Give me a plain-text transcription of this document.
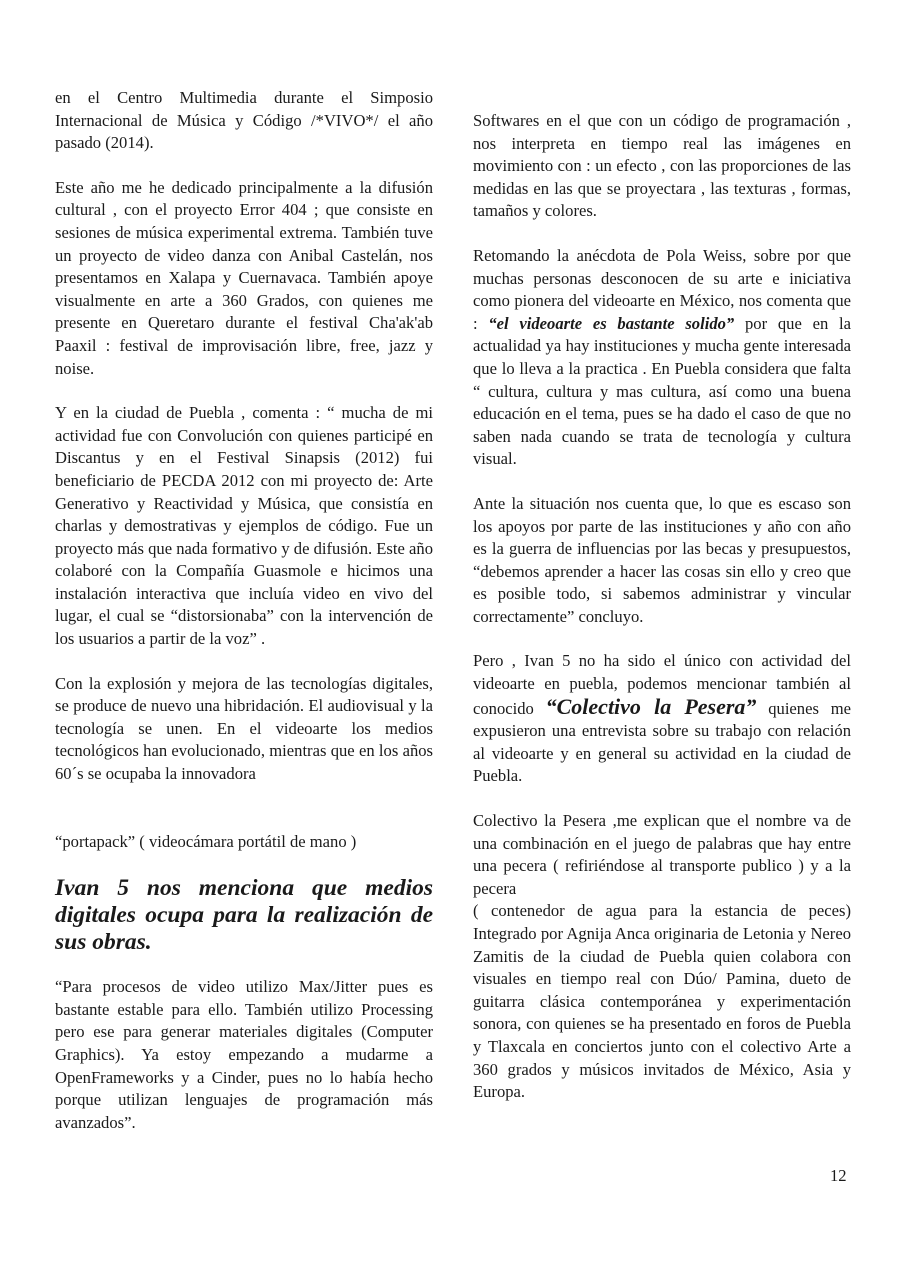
en el Centro Multimedia durante el Simposio Internacional de Música y Código /*VIVO*/ el año pasado (2014).

Este año me he dedicado principalmente a la difusión cultural , con el proyecto Error 404 ; que consiste en sesiones de música experimental extrema. También tuve un proyecto de video danza con Anibal Castelán, nos presentamos en Xalapa y Cuernavaca. También apoye visualmente en arte a 360 Grados, con quienes me presente en Queretaro durante el festival Cha'ak'ab Paaxil : festival de improvisación libre, free, jazz y noise.

Y en la ciudad de Puebla , comenta : “ mucha de mi actividad fue con Convolución con quienes participé en Discantus y en el Festival Sinapsis (2012) fui beneficiario de PECDA 2012 con mi proyecto de: Arte Generativo y Reactividad y Música, que consistía en charlas y demostrativas y ejemplos de código. Fue un proyecto más que nada formativo y de difusión. Este año colaboré con la Compañía Guasmole e hicimos una instalación interactiva que incluía video en vivo del lugar, el cual se “distorsionaba” con la intervención de los usuarios a partir de la voz” .

Con la explosión y mejora de las tecnologías digitales, se produce de nuevo una hibridación. El audiovisual y la tecnología se unen. En el videoarte los medios tecnológicos han evolucionado, mientras que en los años 60´s se ocupaba la innovadora

“portapack” ( videocámara portátil de mano )

Ivan 5 nos menciona que medios digitales ocupa para la realización de sus obras.

“Para procesos de video utilizo Max/Jitter pues es bastante estable para ello. También utilizo Processing pero ese para generar materiales digitales (Computer Graphics). Ya estoy empezando a mudarme a OpenFrameworks y a Cinder, pues no lo había hecho porque utilizan lenguajes de programación más avanzados”.

Softwares en el que con un código de programación , nos interpreta en tiempo real las imágenes en movimiento con : un efecto , con las proporciones de las medidas en las que se proyectara , las texturas , formas, tamaños y colores.

Retomando la anécdota de Pola Weiss, sobre por que muchas personas desconocen de su arte e iniciativa como pionera del videoarte en México, nos comenta que : “el videoarte es bastante solido” por que en la actualidad ya hay instituciones y mucha gente interesada que lo lleva a la practica . En Puebla considera que falta “ cultura, cultura y mas cultura, así como una buena educación en el tema, pues se ha dado el caso de que no saben nada cuando se trata de tecnología y cultura visual.

Ante la situación nos cuenta que, lo que es escaso son los apoyos por parte de las instituciones y año con año es la guerra de influencias por las becas y presupuestos, “debemos aprender a hacer las cosas sin ello y creo que es posible todo, si sabemos administrar y vincular correctamente” concluyo.

Pero , Ivan 5 no ha sido el único con actividad del videoarte en puebla, podemos mencionar también al conocido “Colectivo la Pesera” quienes me expusieron una entrevista sobre su trabajo con relación al videoarte y en general su actividad en la ciudad de Puebla.

Colectivo la Pesera ,me explican que el nombre va de una combinación en el juego de palabras que hay entre una pecera ( refiriéndose al transporte publico ) y a la pecera

( contenedor de agua para la estancia de peces) Integrado por Agnija Anca originaria de Letonia y Nereo Zamitis de la ciudad de Puebla quien colabora con visuales en tiempo real con Dúo/ Pamina, dueto de guitarra clásica contemporánea y experimentación sonora, con quienes se ha presentado en foros de Puebla y Tlaxcala en conciertos junto con el colectivo Arte a 360 grados y músicos invitados de México, Asia y Europa.

12
